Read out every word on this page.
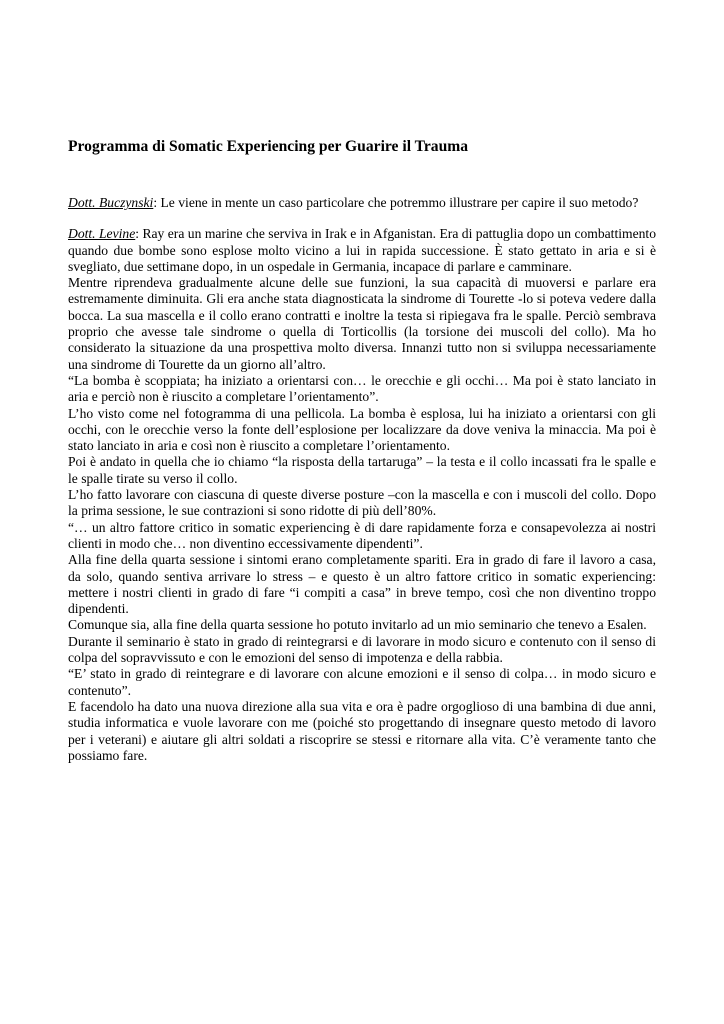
Programma di Somatic Experiencing per Guarire il Trauma

Dott. Buczynski: Le viene in mente un caso particolare che potremmo illustrare per capire il suo metodo?

Dott. Levine: Ray era un marine che serviva in Irak e in Afganistan. Era di pattuglia dopo un combattimento quando due bombe sono esplose molto vicino a lui in rapida successione. È stato gettato in aria e si è svegliato, due settimane dopo, in un ospedale in Germania, incapace di parlare e camminare.

Mentre riprendeva gradualmente alcune delle sue funzioni, la sua capacità di muoversi e parlare era estremamente diminuita. Gli era anche stata diagnosticata la sindrome di Tourette -lo si poteva vedere dalla bocca. La sua mascella e il collo erano contratti e inoltre la testa si ripiegava fra le spalle. Perciò sembrava proprio che avesse tale sindrome o quella di Torticollis (la torsione dei muscoli del collo). Ma ho considerato la situazione da una prospettiva molto diversa. Innanzi tutto non si sviluppa necessariamente una sindrome di Tourette da un giorno all’altro.

“La bomba è scoppiata; ha iniziato a orientarsi con… le orecchie e gli occhi… Ma poi è stato lanciato in aria e perciò non è riuscito a completare l’orientamento”.

L’ho visto come nel fotogramma di una pellicola. La bomba è esplosa, lui ha iniziato a orientarsi con gli occhi, con le orecchie verso la fonte dell’esplosione per localizzare da dove veniva la minaccia. Ma poi è stato lanciato in aria e così non è riuscito a completare l’orientamento.

Poi è andato in quella che io chiamo “la risposta della tartaruga” – la testa e il collo incassati fra le spalle e le spalle tirate su verso il collo.

L’ho fatto lavorare con ciascuna di queste diverse posture –con la mascella e con i muscoli del collo. Dopo la prima sessione, le sue contrazioni si sono ridotte di più dell’80%.

“… un altro fattore critico in somatic experiencing è di dare rapidamente forza e consapevolezza ai nostri clienti in modo che… non diventino eccessivamente dipendenti”.

Alla fine della quarta sessione i sintomi erano completamente spariti. Era in grado di fare il lavoro a casa, da solo, quando sentiva arrivare lo stress – e questo è un altro fattore critico in somatic experiencing: mettere i nostri clienti in grado di fare “i compiti a casa” in breve tempo, così che non diventino troppo dipendenti.

Comunque sia, alla fine della quarta sessione ho potuto invitarlo ad un mio seminario che tenevo a Esalen.

Durante il seminario è stato in grado di reintegrarsi e di lavorare in modo sicuro e contenuto con il senso di colpa del sopravvissuto e con le emozioni del senso di impotenza e della rabbia.

“E’ stato in grado di reintegrare e di lavorare con alcune emozioni e il senso di colpa… in modo sicuro e contenuto”.

E facendolo ha dato una nuova direzione alla sua vita e ora è padre orgoglioso di una bambina di due anni, studia informatica e vuole lavorare con me (poiché sto progettando di insegnare questo metodo di lavoro per i veterani) e aiutare gli altri soldati a riscoprire se stessi e ritornare alla vita. C’è veramente tanto che possiamo fare.
